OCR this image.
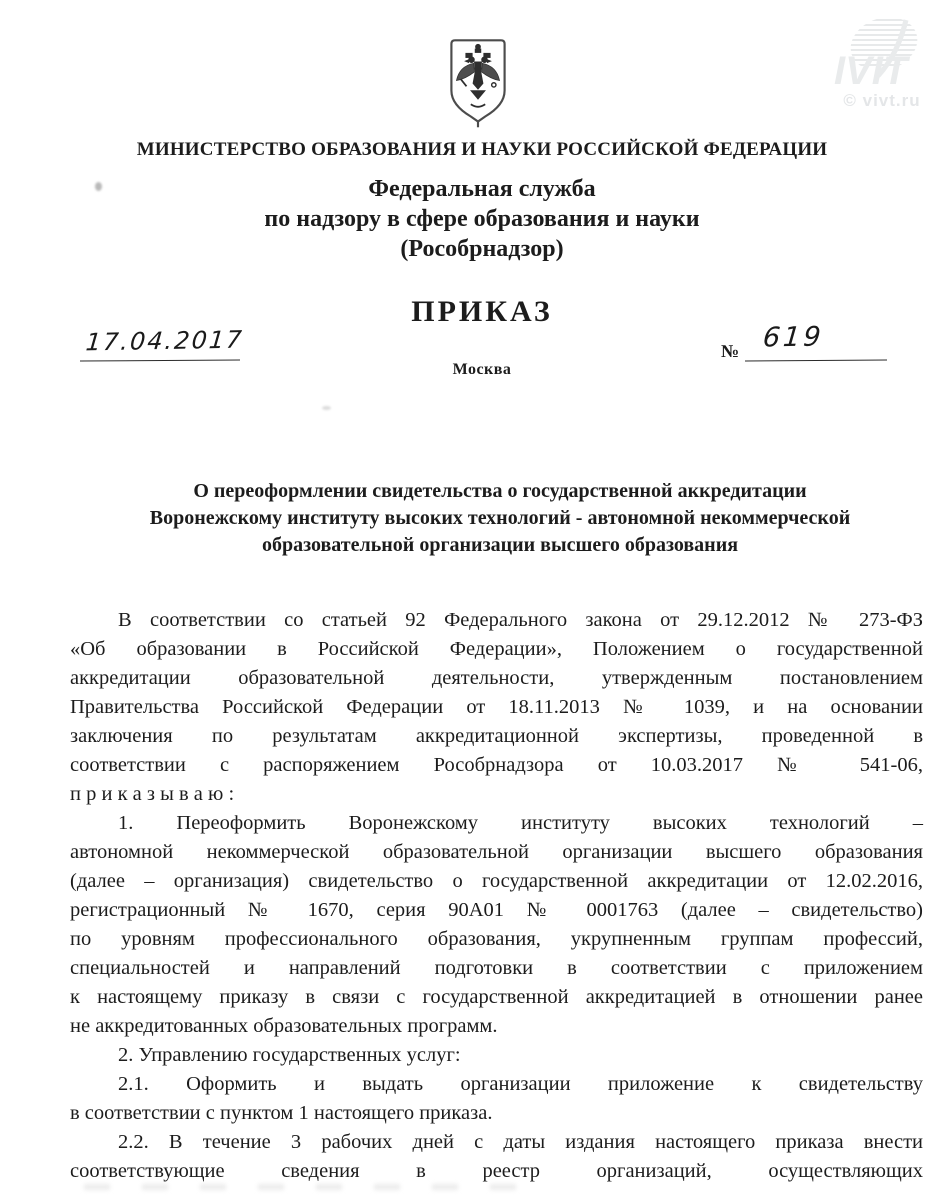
IVIT
© vivt.ru
МИНИСТЕРСТВО ОБРАЗОВАНИЯ И НАУКИ РОССИЙСКОЙ ФЕДЕРАЦИИ
Федеральная служба
по надзору в сфере образования и науки
(Рособрнадзор)
ПРИКАЗ
Москва
17.04.2017	№ 619
О переоформлении свидетельства о государственной аккредитации
Воронежскому институту высоких технологий - автономной некоммерческой
образовательной организации высшего образования
В соответствии со статьей 92 Федерального закона от 29.12.2012 № 273-ФЗ
«Об образовании в Российской Федерации», Положением о государственной
аккредитации образовательной деятельности, утвержденным постановлением
Правительства Российской Федерации от 18.11.2013 № 1039, и на основании
заключения по результатам аккредитационной экспертизы, проведенной в
соответствии с распоряжением Рособрнадзора от 10.03.2017 № 541-06,
п р и к а з ы в а ю :
1. Переоформить Воронежскому институту высоких технологий –
автономной некоммерческой образовательной организации высшего образования
(далее – организация) свидетельство о государственной аккредитации от 12.02.2016,
регистрационный № 1670, серия 90А01 № 0001763 (далее – свидетельство)
по уровням профессионального образования, укрупненным группам профессий,
специальностей и направлений подготовки в соответствии с приложением
к настоящему приказу в связи с государственной аккредитацией в отношении ранее
не аккредитованных образовательных программ.
2. Управлению государственных услуг:
2.1. Оформить и выдать организации приложение к свидетельству
в соответствии с пунктом 1 настоящего приказа.
2.2. В течение 3 рабочих дней с даты издания настоящего приказа внести
соответствующие сведения в реестр организаций, осуществляющих
